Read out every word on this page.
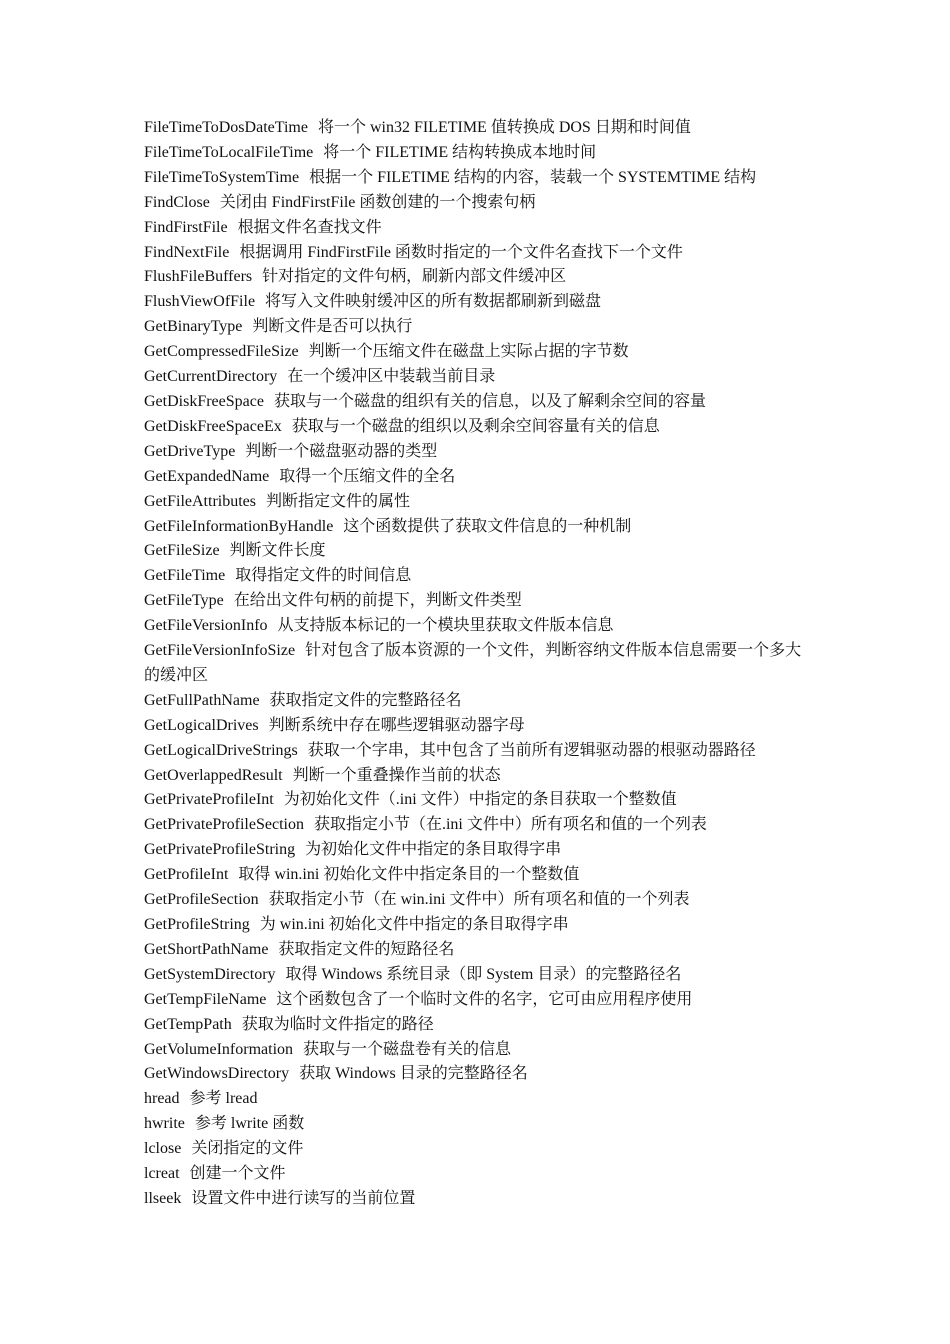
FileTimeToDosDateTime 将一个 win32 FILETIME 值转换成 DOS 日期和时间值
FileTimeToLocalFileTime 将一个 FILETIME 结构转换成本地时间
FileTimeToSystemTime 根据一个 FILETIME 结构的内容，装载一个 SYSTEMTIME 结构
FindClose 关闭由 FindFirstFile 函数创建的一个搜索句柄
FindFirstFile 根据文件名查找文件
FindNextFile 根据调用 FindFirstFile 函数时指定的一个文件名查找下一个文件
FlushFileBuffers 针对指定的文件句柄，刷新内部文件缓冲区
FlushViewOfFile 将写入文件映射缓冲区的所有数据都刷新到磁盘
GetBinaryType 判断文件是否可以执行
GetCompressedFileSize 判断一个压缩文件在磁盘上实际占据的字节数
GetCurrentDirectory 在一个缓冲区中装载当前目录
GetDiskFreeSpace 获取与一个磁盘的组织有关的信息，以及了解剩余空间的容量
GetDiskFreeSpaceEx 获取与一个磁盘的组织以及剩余空间容量有关的信息
GetDriveType 判断一个磁盘驱动器的类型
GetExpandedName 取得一个压缩文件的全名
GetFileAttributes 判断指定文件的属性
GetFileInformationByHandle 这个函数提供了获取文件信息的一种机制
GetFileSize 判断文件长度
GetFileTime 取得指定文件的时间信息
GetFileType 在给出文件句柄的前提下，判断文件类型
GetFileVersionInfo 从支持版本标记的一个模块里获取文件版本信息
GetFileVersionInfoSize 针对包含了版本资源的一个文件，判断容纳文件版本信息需要一个多大的缓冲区
GetFullPathName 获取指定文件的完整路径名
GetLogicalDrives 判断系统中存在哪些逻辑驱动器字母
GetLogicalDriveStrings 获取一个字串，其中包含了当前所有逻辑驱动器的根驱动器路径
GetOverlappedResult 判断一个重叠操作当前的状态
GetPrivateProfileInt 为初始化文件（.ini 文件）中指定的条目获取一个整数值
GetPrivateProfileSection 获取指定小节（在.ini 文件中）所有项名和值的一个列表
GetPrivateProfileString 为初始化文件中指定的条目取得字串
GetProfileInt 取得 win.ini 初始化文件中指定条目的一个整数值
GetProfileSection 获取指定小节（在 win.ini 文件中）所有项名和值的一个列表
GetProfileString 为 win.ini 初始化文件中指定的条目取得字串
GetShortPathName 获取指定文件的短路径名
GetSystemDirectory 取得 Windows 系统目录（即 System 目录）的完整路径名
GetTempFileName 这个函数包含了一个临时文件的名字，它可由应用程序使用
GetTempPath 获取为临时文件指定的路径
GetVolumeInformation 获取与一个磁盘卷有关的信息
GetWindowsDirectory 获取 Windows 目录的完整路径名
hread 参考 lread
hwrite 参考 lwrite 函数
lclose 关闭指定的文件
lcreat 创建一个文件
llseek 设置文件中进行读写的当前位置
